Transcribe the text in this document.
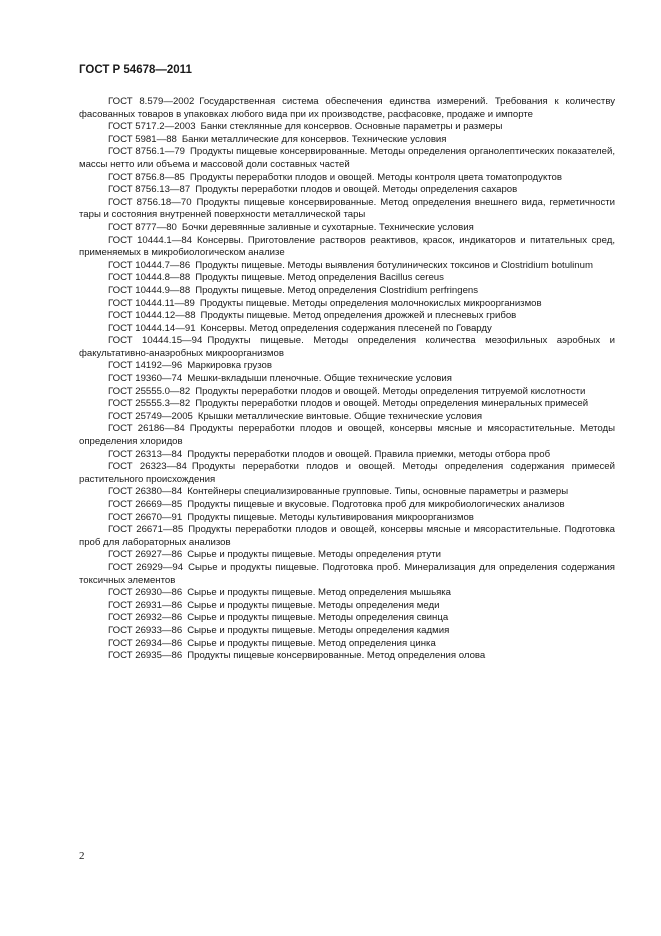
ГОСТ Р 54678—2011

ГОСТ 8.579—2002 Государственная система обеспечения единства измерений. Требования к количеству фасованных товаров в упаковках любого вида при их производстве, расфасовке, продаже и импорте

ГОСТ 5717.2—2003 Банки стеклянные для консервов. Основные параметры и размеры

ГОСТ 5981—88 Банки металлические для консервов. Технические условия

ГОСТ 8756.1—79 Продукты пищевые консервированные. Методы определения органолептических показателей, массы нетто или объема и массовой доли составных частей

ГОСТ 8756.8—85 Продукты переработки плодов и овощей. Методы контроля цвета томатопродуктов

ГОСТ 8756.13—87 Продукты переработки плодов и овощей. Методы определения сахаров

ГОСТ 8756.18—70 Продукты пищевые консервированные. Метод определения внешнего вида, герметичности тары и состояния внутренней поверхности металлической тары

ГОСТ 8777—80 Бочки деревянные заливные и сухотарные. Технические условия

ГОСТ 10444.1—84 Консервы. Приготовление растворов реактивов, красок, индикаторов и питательных сред, применяемых в микробиологическом анализе

ГОСТ 10444.7—86 Продукты пищевые. Методы выявления ботулинических токсинов и Clostridium botulinum

ГОСТ 10444.8—88 Продукты пищевые. Метод определения Bacillus cereus

ГОСТ 10444.9—88 Продукты пищевые. Метод определения Clostridium perfringens

ГОСТ 10444.11—89 Продукты пищевые. Методы определения молочнокислых микроорганизмов

ГОСТ 10444.12—88 Продукты пищевые. Метод определения дрожжей и плесневых грибов

ГОСТ 10444.14—91 Консервы. Метод определения содержания плесеней по Говарду

ГОСТ 10444.15—94 Продукты пищевые. Методы определения количества мезофильных аэробных и факультативно-анаэробных микроорганизмов

ГОСТ 14192—96 Маркировка грузов

ГОСТ 19360—74 Мешки-вкладыши пленочные. Общие технические условия

ГОСТ 25555.0—82 Продукты переработки плодов и овощей. Методы определения титруемой кислотности

ГОСТ 25555.3—82 Продукты переработки плодов и овощей. Методы определения минеральных примесей

ГОСТ 25749—2005 Крышки металлические винтовые. Общие технические условия

ГОСТ 26186—84 Продукты переработки плодов и овощей, консервы мясные и мясорастительные. Методы определения хлоридов

ГОСТ 26313—84 Продукты переработки плодов и овощей. Правила приемки, методы отбора проб

ГОСТ 26323—84 Продукты переработки плодов и овощей. Методы определения содержания примесей растительного происхождения

ГОСТ 26380—84 Контейнеры специализированные групповые. Типы, основные параметры и размеры

ГОСТ 26669—85 Продукты пищевые и вкусовые. Подготовка проб для микробиологических анализов

ГОСТ 26670—91 Продукты пищевые. Методы культивирования микроорганизмов

ГОСТ 26671—85 Продукты переработки плодов и овощей, консервы мясные и мясорастительные. Подготовка проб для лабораторных анализов

ГОСТ 26927—86 Сырье и продукты пищевые. Методы определения ртути

ГОСТ 26929—94 Сырье и продукты пищевые. Подготовка проб. Минерализация для определения содержания токсичных элементов

ГОСТ 26930—86 Сырье и продукты пищевые. Метод определения мышьяка

ГОСТ 26931—86 Сырье и продукты пищевые. Методы определения меди

ГОСТ 26932—86 Сырье и продукты пищевые. Методы определения свинца

ГОСТ 26933—86 Сырье и продукты пищевые. Методы определения кадмия

ГОСТ 26934—86 Сырье и продукты пищевые. Метод определения цинка

ГОСТ 26935—86 Продукты пищевые консервированные. Метод определения олова

2
